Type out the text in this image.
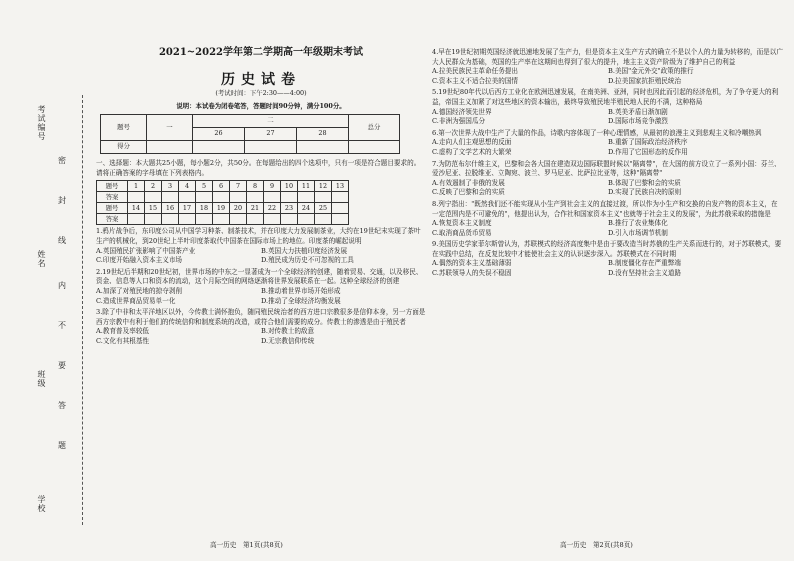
考试编号
姓名
班级
学校
密
封
线
内
不
要
答
题
2021~2022学年第二学期高一年级期末考试
历史试卷
(考试时间：下午2:30——4:00)
说明：本试卷为闭卷笔答，答题时间90分钟，满分100分。
题号	一	二			总分
		26	27	28	
得分					
一、选择题：本大题共25小题，每小题2分，共50分。在每题给出的四个选项中，只有一项是符合题目要求的。请将正确答案的字母填在下列表格内。
题号	1	2	3	4	5	6	7	8	9	10	11	12	13
答案													
题号	14	15	16	17	18	19	20	21	22	23	24	25	
答案													
1.鸦片战争后，东印度公司从中国学习种茶、制茶技术，并在印度大力发展制茶业，大约在19世纪末实现了茶叶生产的机械化，到20世纪上半叶印度茶取代中国茶在国际市场上的地位。印度茶的崛起说明
A.英国殖民扩张影响了中国茶产业	B.英国大力扶植印度经济发展
C.印度开始融入资本主义市场	D.殖民成为历史不可忽视的工具
2.19世纪后半期和20世纪初，世界市场的中东之一显著成为一个全球经济的创建，随着贸易、交通，以及移民、资金、信息等人口和资本的流动，这个月际空间的网络逐渐将世界发展联系在一起。这种全球经济的创建
A.加深了对殖民地的掠夺剥削	B.推动着世界市场开始形成
C.造成世界商品贸易单一化	D.推动了全球经济均衡发展
3.除了中非和太平洋地区以外，今传教士满怀抱负，随同殖民统治者的西方进口宗教很多是信仰本身，另一方面是西方宗教中有利于他们的传统信仰和制度系统的改造，或符合他们需要的成分。传教士的渗透是由于殖民者
A.教育普及率较低	B.对传教士的敌意
C.文化有其根基性	D.无宗教信仰传统
4.早在19世纪初期英国经济就迅速地发展了生产力，但是资本主义生产方式的确立不是以个人的力量为转移的，而是以广大人民群众为基础，英国的生产率在这期间也得到了很大的提升，地主主义资产阶级为了维护自己的利益
A.拉美民族民主革命任务提出	B.美国"金元外交"政策的推行
C.资本主义不适合拉美的国情	D.拉美国家抗拒殖民统治
5.19世纪80年代以后西方工业化在欧洲迅速发展，在南美洲、亚洲，同时也因此而引起的经济危机，为了争夺更大的利益，帝国主义加紧了对这些地区的资本输出，最终导致殖民地半殖民地人民的不满，这种格局
A.德国经济领先世界	B.英美矛盾日渐加剧
C.非洲为强国瓜分	D.国际市场竞争激烈
6.第一次世界大战中生产了大量的作品，诗歌内容体现了一种心理情感，从最初的浪漫主义到悲观主义和冷嘲热讽
A.走向人们主观思想的反面	B.重新了国际政治经济秩序
C.虚构了文学艺术的大繁荣	D.作用了它国形态的反作用
7.为防范布尔什维主义，巴黎和会各大国在建造双边国际联盟时候以"隔离带"，在大国的前方设立了一系列小国：芬兰、爱沙尼亚、拉脱维亚、立陶宛、波兰、罗马尼亚、比萨拉比亚等，这种"隔离带"
A.有效遏制了非俄的发展	B.体现了巴黎和会的实质
C.反映了巴黎和会的实质	D.实现了民族自决的原则
8.列宁指出："既然我们还不能实现从小生产到社会主义的直接过渡，所以作为小生产和交换的自发产物的资本主义，在一定范围内是不可避免的"，他提出认为，合作社和国家资本主义"也就等于社会主义的发展"，为此苏俄采取的措施是
A.恢复资本主义制度	B.推行了农业集体化
C.取消商品货币贸易	D.引入市场调节机制
9.美国历史学家菲尔斯曾认为，苏联模式的经济高度集中是由于要改造当时苏俄的生产关系而进行的，对于苏联模式，要在实践中总结，在反复比较中才能使社会主义的认识逐步深入。苏联模式在不同时期
A.偶然的资本主义基础薄弱	B.制度僵化存在严重弊端
C.苏联领导人的失误不稳固	D.没有坚持社会主义道路
高一历史　第1页(共8页)	高一历史　第2页(共8页)
